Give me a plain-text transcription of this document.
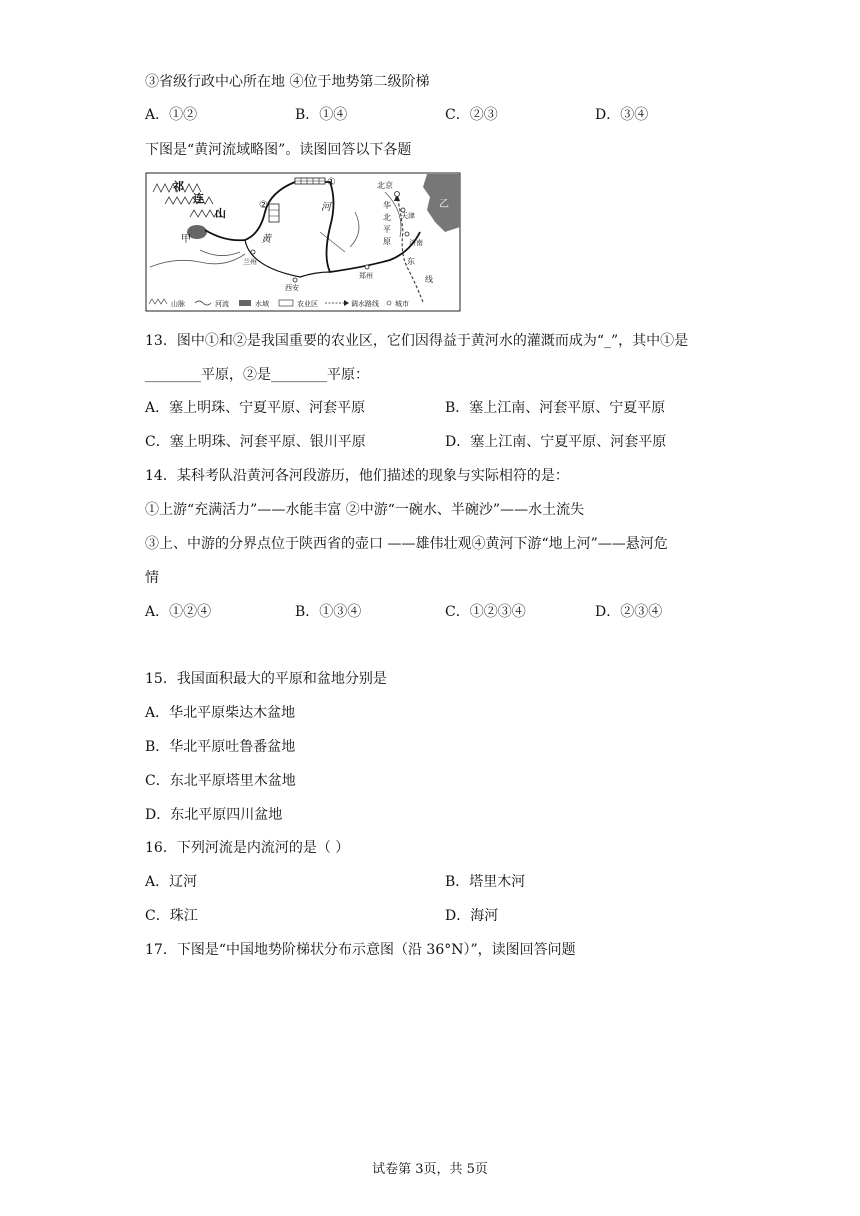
③省级行政中心所在地 ④位于地势第二级阶梯
A．①②	B．①④	C．②③	D．③④
下图是“黄河流域略图”。读图回答以下各题
祁
连
山
甲
②
①
河
黄
兰州
西安
郑州
北京
天津
济南
华
北
平
原
乙
东
线
山脉	河流	水域	农业区	调水路线 城市
13．图中①和②是我国重要的农业区，它们因得益于黄河水的灌溉而成为“_”，其中①是
________平原，②是________平原：
A．塞上明珠、宁夏平原、河套平原	B．塞上江南、河套平原、宁夏平原
C．塞上明珠、河套平原、银川平原	D．塞上江南、宁夏平原、河套平原
14．某科考队沿黄河各河段游历，他们描述的现象与实际相符的是：
①上游“充满活力”——水能丰富 ②中游“一碗水、半碗沙”——水土流失
③上、中游的分界点位于陕西省的壶口 ——雄伟壮观④黄河下游“地上河”——悬河危
情
A．①②④	B．①③④	C．①②③④	D．②③④
15．我国面积最大的平原和盆地分别是
A．华北平原柴达木盆地
B．华北平原吐鲁番盆地
C．东北平原塔里木盆地
D．东北平原四川盆地
16．下列河流是内流河的是（ ）
A．辽河	B．塔里木河
C．珠江	D．海河
17．下图是“中国地势阶梯状分布示意图（沿 36°N）”，读图回答问题
试卷第 3页，共 5页
